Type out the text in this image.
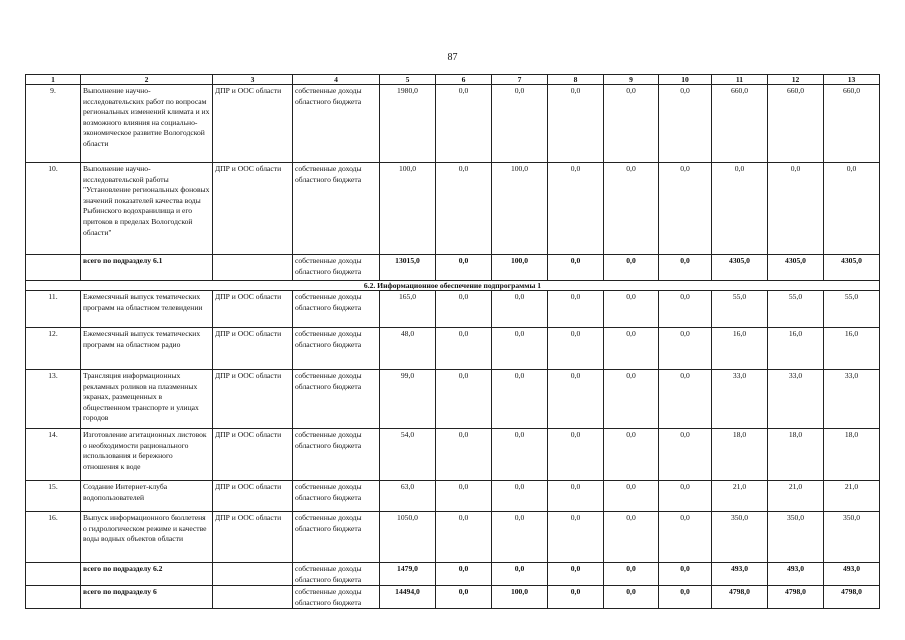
87
1	2	3	4	5	6	7	8	9	10	11	12	13
9.	Выполнение научно-исследовательских работ по вопросам региональных изменений климата и их возможного влияния на социально-экономическое развитие Вологодской области	ДПР и ООС области	собственные доходы областного бюджета	1980,0	0,0	0,0	0,0	0,0	0,0	660,0	660,0	660,0
10.	Выполнение научно-исследовательской работы "Установление региональных фоновых значений показателей качества воды Рыбинского водохранилища и его притоков в пределах Вологодской области"	ДПР и ООС области	собственные доходы областного бюджета	100,0	0,0	100,0	0,0	0,0	0,0	0,0	0,0	0,0
	всего по подразделу 6.1		собственные доходы областного бюджета	13015,0	0,0	100,0	0,0	0,0	0,0	4305,0	4305,0	4305,0
6.2. Информационное обеспечение подпрограммы 1												
11.	Ежемесячный выпуск тематических программ на областном телевидении	ДПР и ООС области	собственные доходы областного бюджета	165,0	0,0	0,0	0,0	0,0	0,0	55,0	55,0	55,0
12.	Ежемесячный выпуск тематических программ на областном радио	ДПР и ООС области	собственные доходы областного бюджета	48,0	0,0	0,0	0,0	0,0	0,0	16,0	16,0	16,0
13.	Трансляция информационных рекламных роликов на плазменных экранах, размещенных в общественном транспорте и улицах городов	ДПР и ООС области	собственные доходы областного бюджета	99,0	0,0	0,0	0,0	0,0	0,0	33,0	33,0	33,0
14.	Изготовление агитационных листовок о необходимости рационального использования и бережного отношения к воде	ДПР и ООС области	собственные доходы областного бюджета	54,0	0,0	0,0	0,0	0,0	0,0	18,0	18,0	18,0
15.	Создание Интернет-клуба водопользователей	ДПР и ООС области	собственные доходы областного бюджета	63,0	0,0	0,0	0,0	0,0	0,0	21,0	21,0	21,0
16.	Выпуск информационного бюллетеня о гидрологическом режиме и качестве воды водных объектов области	ДПР и ООС области	собственные доходы областного бюджета	1050,0	0,0	0,0	0,0	0,0	0,0	350,0	350,0	350,0
	всего по подразделу 6.2		собственные доходы областного бюджета	1479,0	0,0	0,0	0,0	0,0	0,0	493,0	493,0	493,0
	всего по подразделу 6		собственные доходы областного бюджета	14494,0	0,0	100,0	0,0	0,0	0,0	4798,0	4798,0	4798,0
